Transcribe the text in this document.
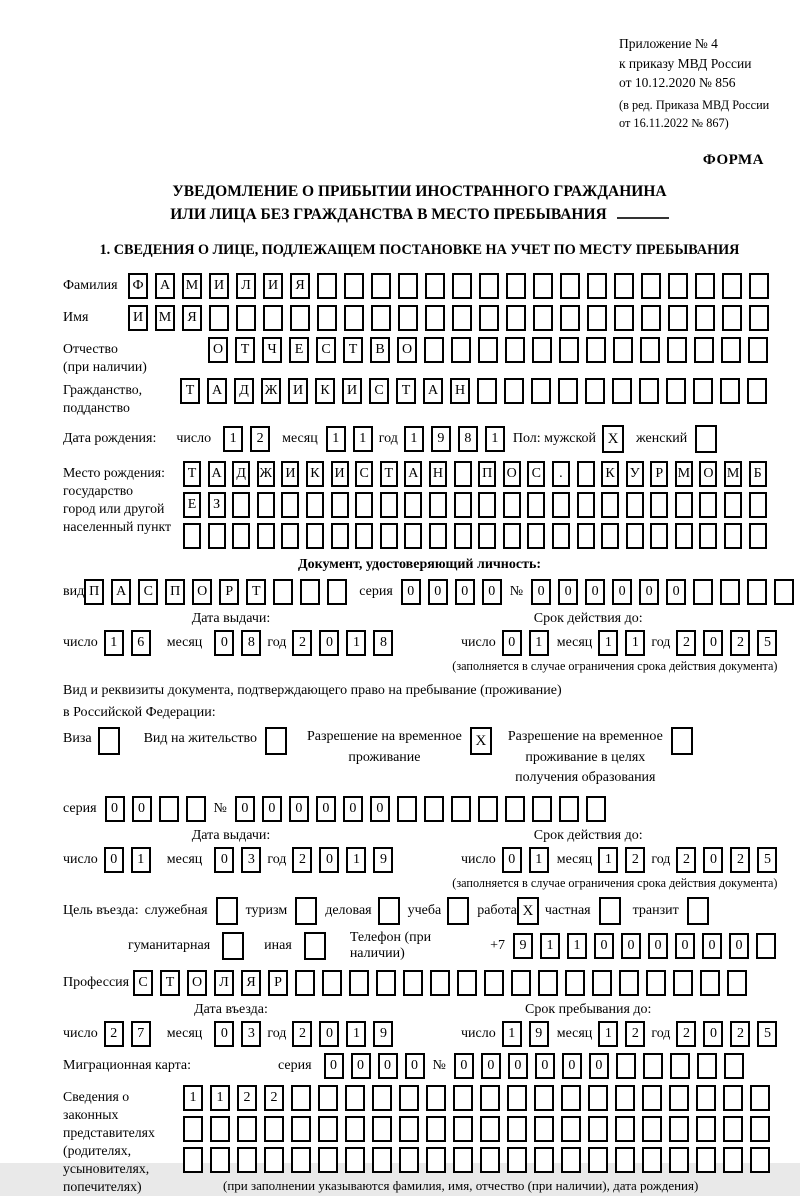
Приложение № 4
к приказу МВД России
от 10.12.2020 № 856
(в ред. Приказа МВД России
от 16.11.2022 № 867)
ФОРМА
УВЕДОМЛЕНИЕ О ПРИБЫТИИ ИНОСТРАННОГО ГРАЖДАНИНА
ИЛИ ЛИЦА БЕЗ ГРАЖДАНСТВА В МЕСТО ПРЕБЫВАНИЯ
1. СВЕДЕНИЯ О ЛИЦЕ, ПОДЛЕЖАЩЕМ ПОСТАНОВКЕ НА УЧЕТ ПО МЕСТУ ПРЕБЫВАНИЯ
Фамилия	Ф	А	М	И	Л	И	Я
Имя	И	М	Я
Отчество
(при наличии)
О	Т	Ч	Е	С	Т	В	О
Гражданство,
подданство
Т	А	Д	Ж	И	К	И	С	Т	А	Н
Дата рождения: число	1	2	месяц	1	1 год 1	9	8	1	Пол: мужской X	женский
Место рождения:
государство
город или другой
населенный пункт
Т	А	Д Ж И	К	И	С	Т	А Н	П О	С	.	К	У	Р	М О М	Б
Е	З
Документ, удостоверяющий личность:
вид П	А	С	П	О	Р	Т	серия	0	0	0	0	№	0	0	0	0	0	0
Дата выдачи:
число 1	6	месяц	0	8 год 2	0	1	8
Срок действия до:
число 0	1	месяц 1	1 год 2	0	2	5
(заполняется в случае ограничения срока действия документа)
Вид и реквизиты документа, подтверждающего право на пребывание (проживание)
в Российской Федерации:
Виза	Вид на жительство	Разрешение на временное
проживание
X	Разрешение на временное
проживание в целях
получения образования
серия	0	0	№	0	0	0	0	0	0
Дата выдачи:
число 0	1	месяц	0	3 год 2	0	1	9
Срок действия до:
число 0	1	месяц 1	2 год 2	0	2	5
(заполняется в случае ограничения срока действия документа)
Цель въезда: служебная	туризм	деловая	учеба	работа X частная	транзит
гуманитарная	иная
Телефон (при наличии)
+7	9	1	1	0	0	0	0	0	0
Профессия С	Т	О	Л	Я	Р
Дата въезда:
число 2	7	месяц	0	3 год 2	0	1	9
Срок пребывания до:
число 1	9	месяц 1	2 год 2	0	2	5
Миграционная карта:	серия	0	0	0	0	№	0	0	0	0	0	0
Сведения о
законных
представителях
(родителях,
усыновителях,
попечителях)
1	1	2	2
(при заполнении указываются фамилия, имя, отчество (при наличии), дата рождения)
